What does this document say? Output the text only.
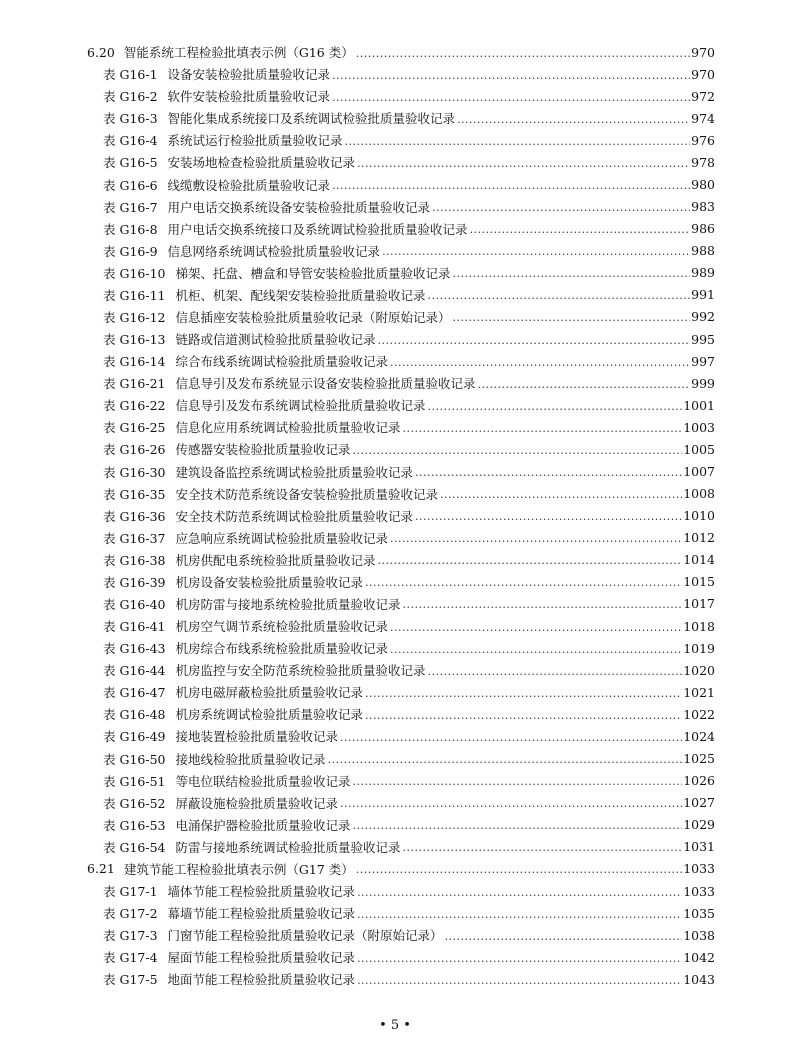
6.20 智能系统工程检验批填表示例（G16 类） .....	970
表 G16-1 设备安装检验批质量验收记录 .....	970
表 G16-2 软件安装检验批质量验收记录 .....	972
表 G16-3 智能化集成系统接口及系统调试检验批质量验收记录 .....	974
表 G16-4 系统试运行检验批质量验收记录 .....	976
表 G16-5 安装场地检查检验批质量验收记录 .....	978
表 G16-6 线缆敷设检验批质量验收记录 .....	980
表 G16-7 用户电话交换系统设备安装检验批质量验收记录 .....	983
表 G16-8 用户电话交换系统接口及系统调试检验批质量验收记录 .....	986
表 G16-9 信息网络系统调试检验批质量验收记录 .....	988
表 G16-10 梯架、托盘、槽盒和导管安装检验批质量验收记录 .....	989
表 G16-11 机柜、机架、配线架安装检验批质量验收记录 .....	991
表 G16-12 信息插座安装检验批质量验收记录（附原始记录） .....	992
表 G16-13 链路或信道测试检验批质量验收记录 .....	995
表 G16-14 综合布线系统调试检验批质量验收记录 .....	997
表 G16-21 信息导引及发布系统显示设备安装检验批质量验收记录 .....	999
表 G16-22 信息导引及发布系统调试检验批质量验收记录 .....	1001
表 G16-25 信息化应用系统调试检验批质量验收记录 .....	1003
表 G16-26 传感器安装检验批质量验收记录 .....	1005
表 G16-30 建筑设备监控系统调试检验批质量验收记录 .....	1007
表 G16-35 安全技术防范系统设备安装检验批质量验收记录 .....	1008
表 G16-36 安全技术防范系统调试检验批质量验收记录 .....	1010
表 G16-37 应急响应系统调试检验批质量验收记录 .....	1012
表 G16-38 机房供配电系统检验批质量验收记录 .....	1014
表 G16-39 机房设备安装检验批质量验收记录 .....	1015
表 G16-40 机房防雷与接地系统检验批质量验收记录 .....	1017
表 G16-41 机房空气调节系统检验批质量验收记录 .....	1018
表 G16-43 机房综合布线系统检验批质量验收记录 .....	1019
表 G16-44 机房监控与安全防范系统检验批质量验收记录 .....	1020
表 G16-47 机房电磁屏蔽检验批质量验收记录 .....	1021
表 G16-48 机房系统调试检验批质量验收记录 .....	1022
表 G16-49 接地装置检验批质量验收记录 .....	1024
表 G16-50 接地线检验批质量验收记录 .....	1025
表 G16-51 等电位联结检验批质量验收记录 .....	1026
表 G16-52 屏蔽设施检验批质量验收记录 .....	1027
表 G16-53 电涌保护器检验批质量验收记录 .....	1029
表 G16-54 防雷与接地系统调试检验批质量验收记录 .....	1031
6.21 建筑节能工程检验批填表示例（G17 类） .....	1033
表 G17-1 墙体节能工程检验批质量验收记录 .....	1033
表 G17-2 幕墙节能工程检验批质量验收记录 .....	1035
表 G17-3 门窗节能工程检验批质量验收记录（附原始记录） .....	1038
表 G17-4 屋面节能工程检验批质量验收记录 .....	1042
表 G17-5 地面节能工程检验批质量验收记录 .....	1043
• 5 •
